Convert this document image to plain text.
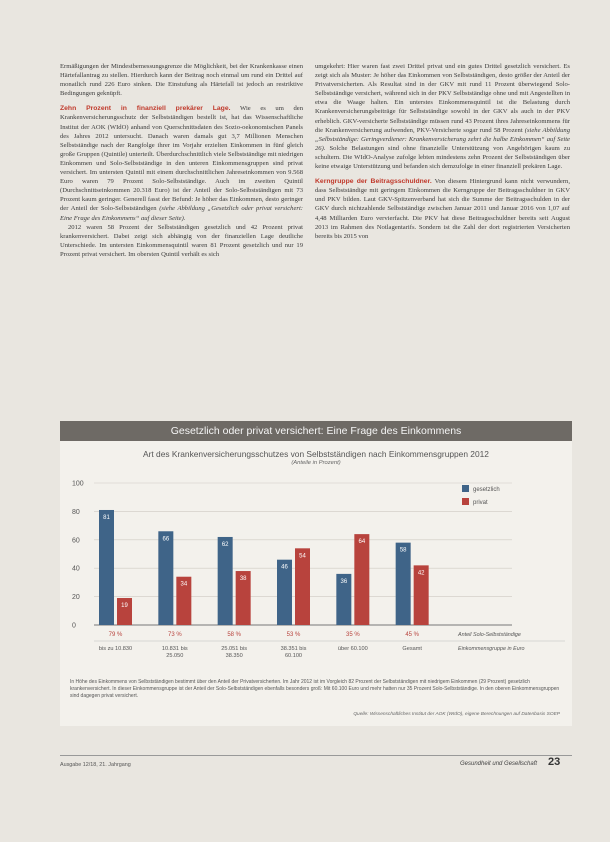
Ermäßigungen der Mindestbemessungsgrenze die Möglichkeit, bei der Krankenkasse einen Härtefallantrag zu stellen. Hierdurch kann der Beitrag noch einmal um rund ein Drittel auf monatlich rund 226 Euro sinken. Die Einstufung als Härtefall ist jedoch an restriktive Bedingungen geknüpft.

Zehn Prozent in finanziell prekärer Lage. Wie es um den Krankenversicherungsschutz der Selbstständigen bestellt ist, hat das Wissenschaftliche Institut der AOK (WIdO) anhand von Querschnittsdaten des Sozio-oekonomischen Panels des Jahres 2012 untersucht. Danach waren damals gut 3,7 Millionen Menschen Selbstständige nach der Rangfolge ihrer im Vorjahr erzielten Einkommen in fünf gleich große Gruppen (Quintile) unterteilt. Überdurchschnittlich viele Selbstständige mit niedrigen Einkommen und Solo-Selbstständige in den unteren Einkommensgruppen sind privat versichert. Im untersten Quintil mit einem durchschnittlichen Jahreseinkommen von 9.568 Euro waren 79 Prozent Solo-Selbstständige. Auch im zweiten Quintil (Durchschnittseinkommen 20.318 Euro) ist der Anteil der Solo-Selbstständigen mit 73 Prozent kaum geringer. Generell fasst der Befund: Je höher das Einkommen, desto geringer der Anteil der Solo-Selbstständigen (siehe Abbildung „Gesetzlich oder privat versichert: Eine Frage des Einkommens“ auf dieser Seite).

2012 waren 58 Prozent der Selbstständigen gesetzlich und 42 Prozent privat krankenversichert. Dabei zeigt sich abhängig von der finanziellen Lage deutliche Unterschiede. Im untersten Einkommensquintil waren 81 Prozent gesetzlich und nur 19 Prozent privat versichert. Im obersten Quintil verhält es sich

umgekehrt: Hier waren fast zwei Drittel privat und ein gutes Drittel gesetzlich versichert. Es zeigt sich als Muster: Je höher das Einkommen von Selbstständigen, desto größer der Anteil der Privatversicherten. Als Resultat sind in der GKV mit rund 11 Prozent überwiegend Solo-Selbstständige versichert, während sich in der PKV Selbstständige ohne und mit Angestellten in etwa die Waage halten. Ein unterstes Einkommensquintil ist die Belastung durch Krankenversicherungsbeiträge für Selbstständige sowohl in der GKV als auch in der PKV erheblich. GKV-versicherte Selbstständige müssen rund 43 Prozent ihres Jahreseinkommens für die Krankenversicherung aufwenden, PKV-Versicherte sogar rund 58 Prozent (siehe Abbildung „Selbstständige: Geringverdiener: Krankenversicherung zehrt die halbe Einkommen“ auf Seite 26). Solche Belastungen sind ohne finanzielle Unterstützung von Angehörigen kaum zu schultern. Die WIdO-Analyse zufolge lebten mindestens zehn Prozent der Selbstständigen über keine etwaige Unterstützung und befanden sich demzufolge in einer finanziell prekären Lage.

Kerngruppe der Beitragsschuldner. Von diesem Hintergrund kann nicht verwundern, dass Selbstständige mit geringem Einkommen die Kerngruppe der Beitragsschuldner in GKV und PKV bilden. Laut GKV-Spitzenverband hat sich die Summe der Beitragsschulden in der GKV durch nichtzahlende Selbstständige zwischen Januar 2011 und Januar 2016 von 1,07 auf 4,48 Milliarden Euro vervierfacht. Die PKV hat diese Beitragsschuldner bereits seit August 2013 im Rahmen des Notlagentarifs. Sondern ist die Zahl der dort registrierten Versicherten bereits bis 2015 von

Gesetzlich oder privat versichert: Eine Frage des Einkommens
Art des Krankenversicherungsschutzes von Selbstständigen nach Einkommensgruppen 2012
(Anteile in Prozent)
0
20
40
60
80
100
81
19
79 %
bis zu 10.830
66
34
73 %
10.831 bis
25.050
62
38
58 %
25.051 bis
38.350
46
54
53 %
38.351 bis
60.100
36
64
35 %
über 60.100
58
42
45 %
Gesamt
Anteil Solo-Selbstständige
Einkommensgruppe in Euro
gesetzlich
privat
In Höhe des Einkommens von Selbstständigen bestimmt über den Anteil der Privatversicherten. Im Jahr 2012 ist im Vorgleich 82 Prozent der Selbstständigen mit niedrigem Einkommen (29 Prozent) gesetzlich krankenversichert. In dieser Einkommensgruppe ist der Anteil der Solo-Selbstständigen ebenfalls besonders groß: Mit 60.100 Euro und mehr hatten nur 35 Prozent Solo-Selbstständige. In den oberen Einkommensgruppen sind dagegen privat versichert.
Quelle: Wissenschaftliches Institut der AOK (WIdO), eigene Berechnungen auf Datenbasis SOEP
Ausgabe 12/18, 21. Jahrgang	Gesundheit und Gesellschaft 23
